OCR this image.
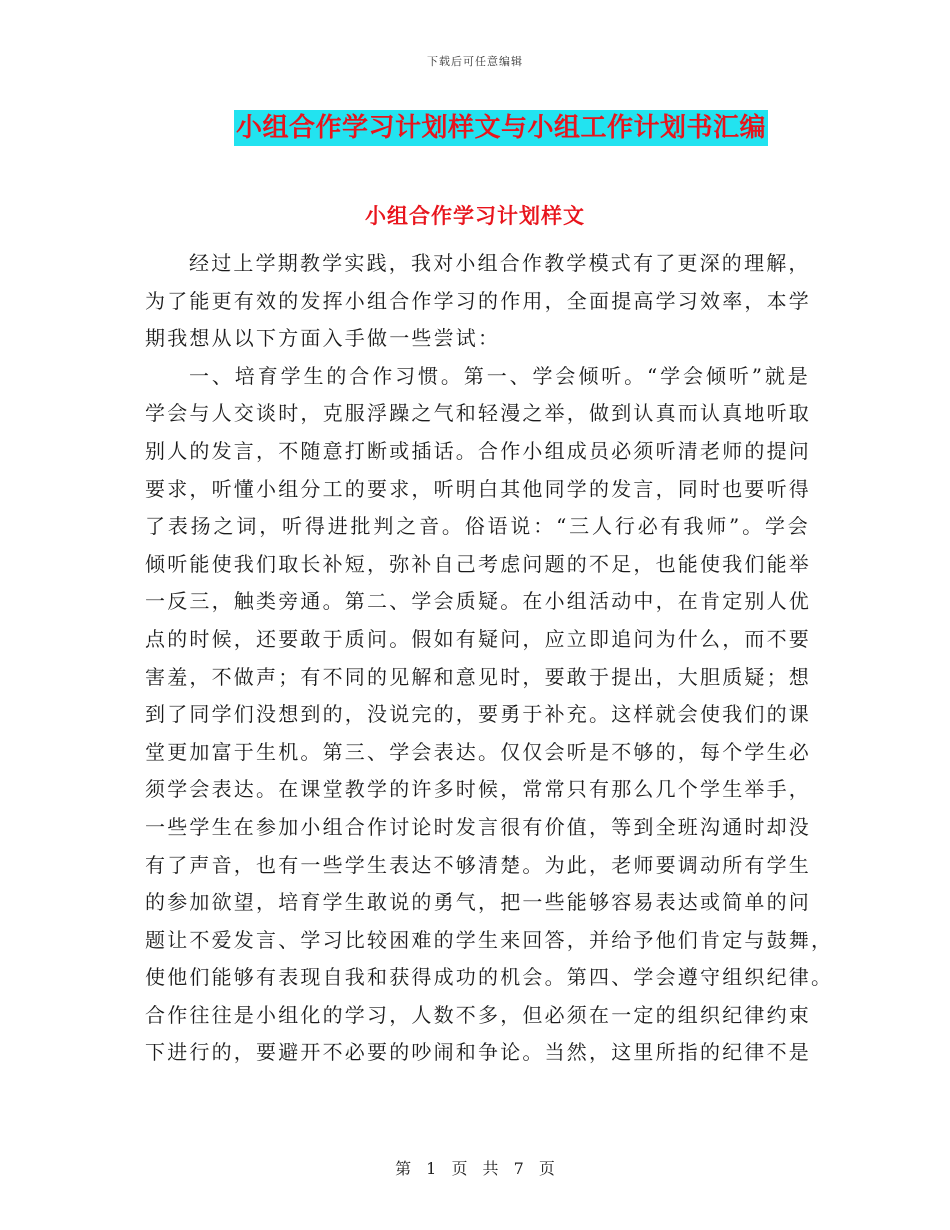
下载后可任意编辑
小组合作学习计划样文与小组工作计划书汇编
小组合作学习计划样文
经过上学期教学实践，我对小组合作教学模式有了更深的理解，
为了能更有效的发挥小组合作学习的作用，全面提高学习效率，本学
期我想从以下方面入手做一些尝试：
一、培育学生的合作习惯。第一、学会倾听。“学会倾听”就是
学会与人交谈时，克服浮躁之气和轻漫之举，做到认真而认真地听取
别人的发言，不随意打断或插话。合作小组成员必须听清老师的提问
要求，听懂小组分工的要求，听明白其他同学的发言，同时也要听得
了表扬之词，听得进批判之音。俗语说：“三人行必有我师”。学会
倾听能使我们取长补短，弥补自己考虑问题的不足，也能使我们能举
一反三，触类旁通。第二、学会质疑。在小组活动中，在肯定别人优
点的时候，还要敢于质问。假如有疑问，应立即追问为什么，而不要
害羞，不做声；有不同的见解和意见时，要敢于提出，大胆质疑；想
到了同学们没想到的，没说完的，要勇于补充。这样就会使我们的课
堂更加富于生机。第三、学会表达。仅仅会听是不够的，每个学生必
须学会表达。在课堂教学的许多时候，常常只有那么几个学生举手，
一些学生在参加小组合作讨论时发言很有价值，等到全班沟通时却没
有了声音，也有一些学生表达不够清楚。为此，老师要调动所有学生
的参加欲望，培育学生敢说的勇气，把一些能够容易表达或简单的问
题让不爱发言、学习比较困难的学生来回答，并给予他们肯定与鼓舞，
使他们能够有表现自我和获得成功的机会。第四、学会遵守组织纪律。
合作往往是小组化的学习，人数不多，但必须在一定的组织纪律约束
下进行的，要避开不必要的吵闹和争论。当然，这里所指的纪律不是
第 1 页 共 7 页
